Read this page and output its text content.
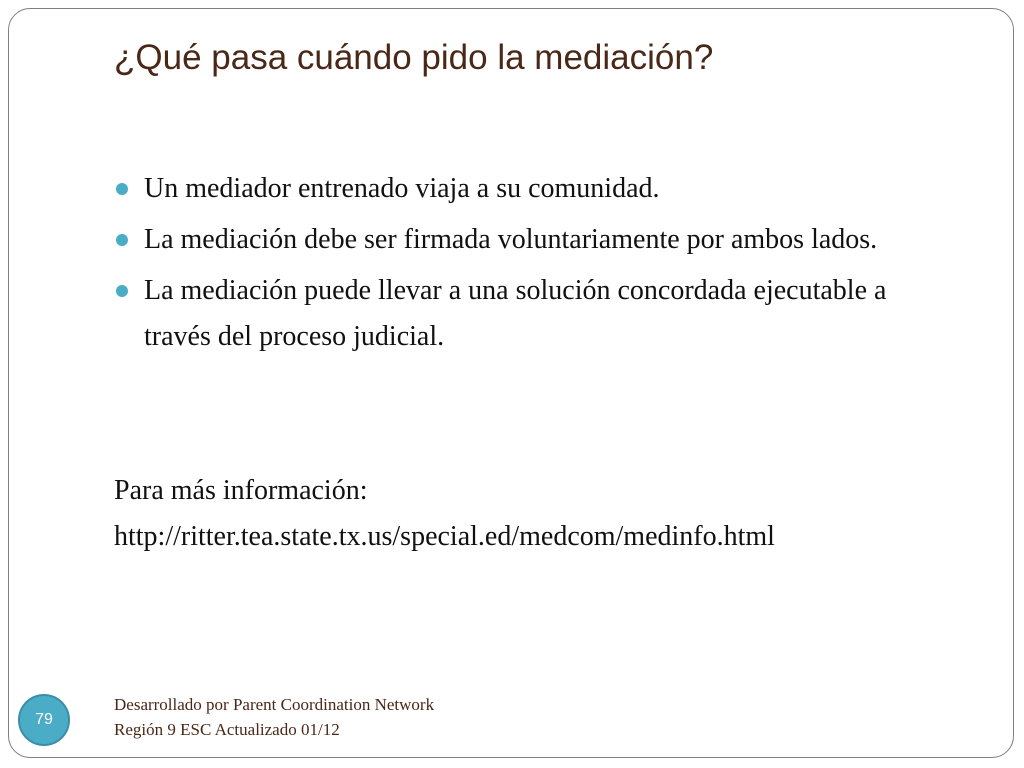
¿Qué pasa cuándo pido la mediación?
Un mediador entrenado viaja a su comunidad.
La mediación debe ser firmada voluntariamente por ambos lados.
La mediación puede llevar a una solución concordada ejecutable a través del proceso judicial.
Para más información:
http://ritter.tea.state.tx.us/special.ed/medcom/medinfo.html
79
Desarrollado por Parent Coordination Network
Región 9 ESC Actualizado 01/12
